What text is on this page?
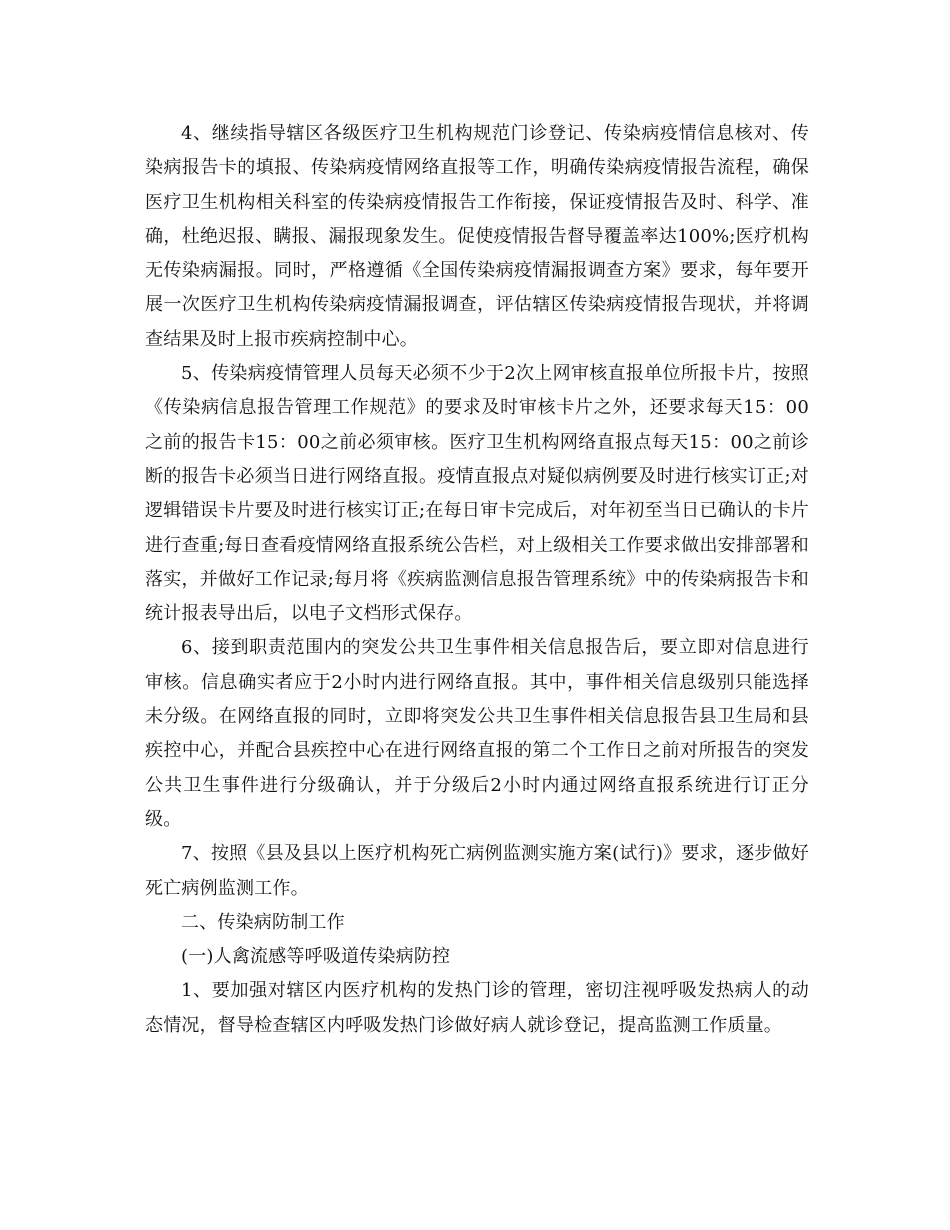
4、继续指导辖区各级医疗卫生机构规范门诊登记、传染病疫情信息核对、传染病报告卡的填报、传染病疫情网络直报等工作，明确传染病疫情报告流程，确保医疗卫生机构相关科室的传染病疫情报告工作衔接，保证疫情报告及时、科学、准确，杜绝迟报、瞒报、漏报现象发生。促使疫情报告督导覆盖率达100%;医疗机构无传染病漏报。同时，严格遵循《全国传染病疫情漏报调查方案》要求，每年要开展一次医疗卫生机构传染病疫情漏报调查，评估辖区传染病疫情报告现状，并将调查结果及时上报市疾病控制中心。

5、传染病疫情管理人员每天必须不少于2次上网审核直报单位所报卡片，按照《传染病信息报告管理工作规范》的要求及时审核卡片之外，还要求每天15：00之前的报告卡15：00之前必须审核。医疗卫生机构网络直报点每天15：00之前诊断的报告卡必须当日进行网络直报。疫情直报点对疑似病例要及时进行核实订正;对逻辑错误卡片要及时进行核实订正;在每日审卡完成后，对年初至当日已确认的卡片进行查重;每日查看疫情网络直报系统公告栏，对上级相关工作要求做出安排部署和落实，并做好工作记录;每月将《疾病监测信息报告管理系统》中的传染病报告卡和统计报表导出后，以电子文档形式保存。

6、接到职责范围内的突发公共卫生事件相关信息报告后，要立即对信息进行审核。信息确实者应于2小时内进行网络直报。其中，事件相关信息级别只能选择未分级。在网络直报的同时，立即将突发公共卫生事件相关信息报告县卫生局和县疾控中心，并配合县疾控中心在进行网络直报的第二个工作日之前对所报告的突发公共卫生事件进行分级确认，并于分级后2小时内通过网络直报系统进行订正分级。

7、按照《县及县以上医疗机构死亡病例监测实施方案(试行)》要求，逐步做好死亡病例监测工作。

二、传染病防制工作

(一)人禽流感等呼吸道传染病防控

1、要加强对辖区内医疗机构的发热门诊的管理，密切注视呼吸发热病人的动态情况，督导检查辖区内呼吸发热门诊做好病人就诊登记，提高监测工作质量。
